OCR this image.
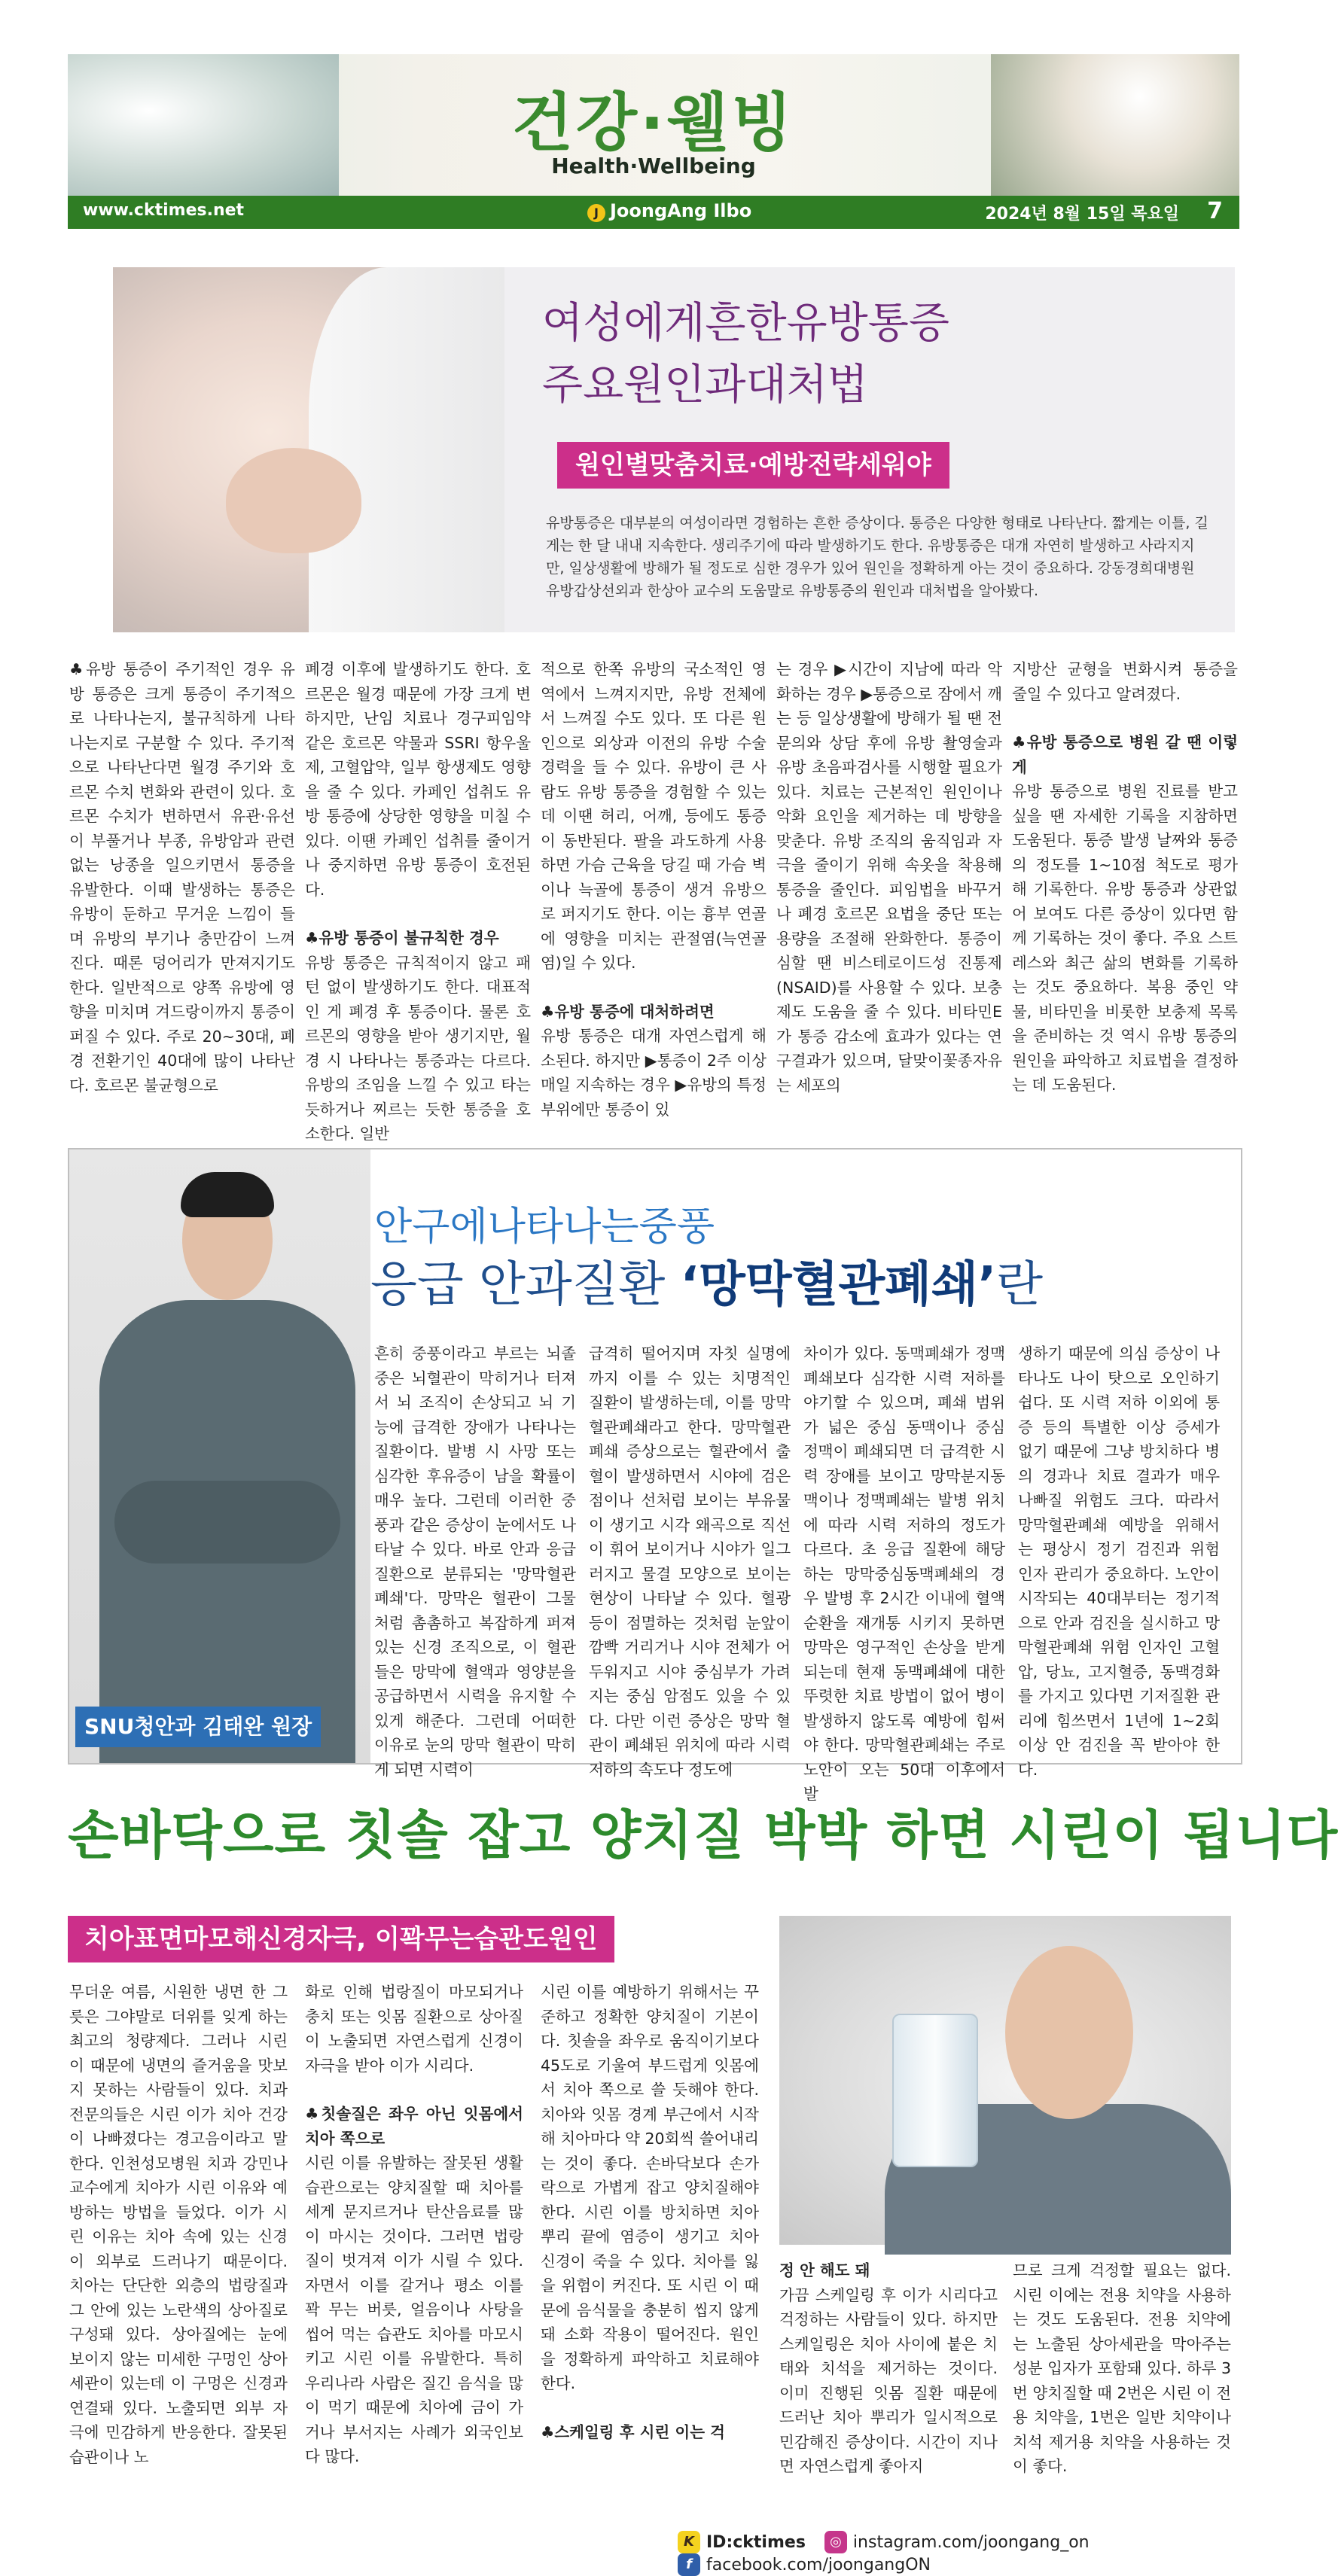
건강·웰빙
Health·Wellbeing
www.cktimes.net	J JoongAng Ilbo	2024년 8월 15일 목요일 7
여성에게흔한유방통증
주요원인과대처법
원인별맞춤치료·예방전략세워야
유방통증은 대부분의 여성이라면 경험하는 흔한 증상이다. 통증은 다양한 형태로 나타난다. 짧게는 이틀, 길게는 한 달 내내 지속한다. 생리주기에 따라 발생하기도 한다. 유방통증은 대개 자연히 발생하고 사라지지만, 일상생활에 방해가 될 정도로 심한 경우가 있어 원인을 정확하게 아는 것이 중요하다. 강동경희대병원 유방갑상선외과 한상아 교수의 도움말로 유방통증의 원인과 대처법을 알아봤다.

♣유방 통증이 주기적인 경우 유방 통증은 크게 통증이 주기적으로 나타나는지, 불규칙하게 나타나는지로 구분할 수 있다. 주기적으로 나타난다면 월경 주기와 호르몬 수치 변화와 관련이 있다. 호르몬 수치가 변하면서 유관·유선이 부풀거나 부종, 유방암과 관련 없는 낭종을 일으키면서 통증을 유발한다. 이때 발생하는 통증은 유방이 둔하고 무거운 느낌이 들며 유방의 부기나 충만감이 느껴진다. 때론 덩어리가 만져지기도 한다. 일반적으로 양쪽 유방에 영향을 미치며 겨드랑이까지 통증이 퍼질 수 있다. 주로 20~30대, 폐경 전환기인 40대에 많이 나타난다. 호르몬 불균형으로

폐경 이후에 발생하기도 한다. 호르몬은 월경 때문에 가장 크게 변하지만, 난임 치료나 경구피임약 같은 호르몬 약물과 SSRI 항우울제, 고혈압약, 일부 항생제도 영향을 줄 수 있다. 카페인 섭취도 유방 통증에 상당한 영향을 미칠 수 있다. 이땐 카페인 섭취를 줄이거나 중지하면 유방 통증이 호전된다.

♣유방 통증이 불규칙한 경우

유방 통증은 규칙적이지 않고 패턴 없이 발생하기도 한다. 대표적인 게 폐경 후 통증이다. 물론 호르몬의 영향을 받아 생기지만, 월경 시 나타나는 통증과는 다르다. 유방의 조임을 느낄 수 있고 타는 듯하거나 찌르는 듯한 통증을 호소한다. 일반

적으로 한쪽 유방의 국소적인 영역에서 느껴지지만, 유방 전체에서 느껴질 수도 있다. 또 다른 원인으로 외상과 이전의 유방 수술 경력을 들 수 있다. 유방이 큰 사람도 유방 통증을 경험할 수 있는데 이땐 허리, 어깨, 등에도 통증이 동반된다. 팔을 과도하게 사용하면 가슴 근육을 당길 때 가슴 벽이나 늑골에 통증이 생겨 유방으로 퍼지기도 한다. 이는 흉부 연골에 영향을 미치는 관절염(늑연골염)일 수 있다.

♣유방 통증에 대처하려면

유방 통증은 대개 자연스럽게 해소된다. 하지만 ▶통증이 2주 이상 매일 지속하는 경우 ▶유방의 특정 부위에만 통증이 있

는 경우 ▶시간이 지남에 따라 악화하는 경우 ▶통증으로 잠에서 깨는 등 일상생활에 방해가 될 땐 전문의와 상담 후에 유방 촬영술과 유방 초음파검사를 시행할 필요가 있다. 치료는 근본적인 원인이나 악화 요인을 제거하는 데 방향을 맞춘다. 유방 조직의 움직임과 자극을 줄이기 위해 속옷을 착용해 통증을 줄인다. 피임법을 바꾸거나 폐경 호르몬 요법을 중단 또는 용량을 조절해 완화한다. 통증이 심할 땐 비스테로이드성 진통제(NSAID)를 사용할 수 있다. 보충제도 도움을 줄 수 있다. 비타민E가 통증 감소에 효과가 있다는 연구결과가 있으며, 달맞이꽃종자유는 세포의

지방산 균형을 변화시켜 통증을 줄일 수 있다고 알려졌다.

♣유방 통증으로 병원 갈 땐 이렇게

유방 통증으로 병원 진료를 받고 싶을 땐 자세한 기록을 지참하면 도움된다. 통증 발생 날짜와 통증의 정도를 1~10점 척도로 평가해 기록한다. 유방 통증과 상관없어 보여도 다른 증상이 있다면 함께 기록하는 것이 좋다. 주요 스트레스와 최근 삶의 변화를 기록하는 것도 중요하다. 복용 중인 약물, 비타민을 비롯한 보충제 목록을 준비하는 것 역시 유방 통증의 원인을 파악하고 치료법을 결정하는 데 도움된다.

SNU청안과 김태완 원장
안구에나타나는중풍
응급 안과질환 ‘망막혈관폐쇄’란

흔히 중풍이라고 부르는 뇌졸중은 뇌혈관이 막히거나 터져서 뇌 조직이 손상되고 뇌 기능에 급격한 장애가 나타나는 질환이다. 발병 시 사망 또는 심각한 후유증이 남을 확률이 매우 높다. 그런데 이러한 중풍과 같은 증상이 눈에서도 나타날 수 있다. 바로 안과 응급 질환으로 분류되는 '망막혈관폐쇄'다. 망막은 혈관이 그물처럼 촘촘하고 복잡하게 퍼져있는 신경 조직으로, 이 혈관들은 망막에 혈액과 영양분을 공급하면서 시력을 유지할 수 있게 해준다. 그런데 어떠한 이유로 눈의 망막 혈관이 막히게 되면 시력이

급격히 떨어지며 자칫 실명에까지 이를 수 있는 치명적인 질환이 발생하는데, 이를 망막혈관폐쇄라고 한다. 망막혈관폐쇄 증상으로는 혈관에서 출혈이 발생하면서 시야에 검은 점이나 선처럼 보이는 부유물이 생기고 시각 왜곡으로 직선이 휘어 보이거나 시야가 일그러지고 물결 모양으로 보이는 현상이 나타날 수 있다. 혈광등이 점멸하는 것처럼 눈앞이 깜빡 거리거나 시야 전체가 어두워지고 시야 중심부가 가려지는 중심 암점도 있을 수 있다. 다만 이런 증상은 망막 혈관이 폐쇄된 위치에 따라 시력 저하의 속도나 정도에

차이가 있다. 동맥폐쇄가 정맥폐쇄보다 심각한 시력 저하를 야기할 수 있으며, 폐쇄 범위가 넓은 중심 동맥이나 중심 정맥이 폐쇄되면 더 급격한 시력 장애를 보이고 망막분지동맥이나 정맥폐쇄는 발병 위치에 따라 시력 저하의 정도가 다르다. 초 응급 질환에 해당하는 망막중심동맥폐쇄의 경우 발병 후 2시간 이내에 혈액 순환을 재개통 시키지 못하면 망막은 영구적인 손상을 받게 되는데 현재 동맥폐쇄에 대한 뚜렷한 치료 방법이 없어 병이 발생하지 않도록 예방에 힘써야 한다. 망막혈관폐쇄는 주로 노안이 오는 50대 이후에서 발

생하기 때문에 의심 증상이 나타나도 나이 탓으로 오인하기 쉽다. 또 시력 저하 이외에 통증 등의 특별한 이상 증세가 없기 때문에 그냥 방치하다 병의 경과나 치료 결과가 매우 나빠질 위험도 크다. 따라서 망막혈관폐쇄 예방을 위해서는 평상시 정기 검진과 위험 인자 관리가 중요하다. 노안이 시작되는 40대부터는 정기적으로 안과 검진을 실시하고 망막혈관폐쇄 위험 인자인 고혈압, 당뇨, 고지혈증, 동맥경화를 가지고 있다면 기저질환 관리에 힘쓰면서 1년에 1~2회 이상 안 검진을 꼭 받아야 한다.

손바닥으로 칫솔 잡고 양치질 박박 하면 시린이 됩니다
치아표면마모해신경자극, 이꽉무는습관도원인

무더운 여름, 시원한 냉면 한 그릇은 그야말로 더위를 잊게 하는 최고의 청량제다. 그러나 시린 이 때문에 냉면의 즐거움을 맛보지 못하는 사람들이 있다. 치과 전문의들은 시린 이가 치아 건강이 나빠졌다는 경고음이라고 말한다. 인천성모병원 치과 강민나 교수에게 치아가 시린 이유와 예방하는 방법을 들었다. 이가 시린 이유는 치아 속에 있는 신경이 외부로 드러나기 때문이다. 치아는 단단한 외층의 법랑질과 그 안에 있는 노란색의 상아질로 구성돼 있다. 상아질에는 눈에 보이지 않는 미세한 구멍인 상아세관이 있는데 이 구멍은 신경과 연결돼 있다. 노출되면 외부 자극에 민감하게 반응한다. 잘못된 습관이나 노

화로 인해 법랑질이 마모되거나 충치 또는 잇몸 질환으로 상아질이 노출되면 자연스럽게 신경이 자극을 받아 이가 시리다.

♣칫솔질은 좌우 아닌 잇몸에서 치아 쪽으로

시린 이를 유발하는 잘못된 생활습관으로는 양치질할 때 치아를 세게 문지르거나 탄산음료를 많이 마시는 것이다. 그러면 법랑질이 벗겨져 이가 시릴 수 있다. 자면서 이를 갈거나 평소 이를 꽉 무는 버릇, 얼음이나 사탕을 씹어 먹는 습관도 치아를 마모시키고 시린 이를 유발한다. 특히 우리나라 사람은 질긴 음식을 많이 먹기 때문에 치아에 금이 가거나 부서지는 사례가 외국인보다 많다.

시린 이를 예방하기 위해서는 꾸준하고 정확한 양치질이 기본이다. 칫솔을 좌우로 움직이기보다 45도로 기울여 부드럽게 잇몸에서 치아 쪽으로 쓸 듯해야 한다. 치아와 잇몸 경계 부근에서 시작해 치아마다 약 20회씩 쓸어내리는 것이 좋다. 손바닥보다 손가락으로 가볍게 잡고 양치질해야 한다. 시린 이를 방치하면 치아 뿌리 끝에 염증이 생기고 치아 신경이 죽을 수 있다. 치아를 잃을 위험이 커진다. 또 시린 이 때문에 음식물을 충분히 씹지 않게 돼 소화 작용이 떨어진다. 원인을 정확하게 파악하고 치료해야 한다.

♣스케일링 후 시린 이는 걱

정 안 해도 돼

가끔 스케일링 후 이가 시리다고 걱정하는 사람들이 있다. 하지만 스케일링은 치아 사이에 붙은 치태와 치석을 제거하는 것이다. 이미 진행된 잇몸 질환 때문에 드러난 치아 뿌리가 일시적으로 민감해진 증상이다. 시간이 지나면 자연스럽게 좋아지

므로 크게 걱정할 필요는 없다. 시린 이에는 전용 치약을 사용하는 것도 도움된다. 전용 치약에는 노출된 상아세관을 막아주는 성분 입자가 포함돼 있다. 하루 3번 양치질할 때 2번은 시린 이 전용 치약을, 1번은 일반 치약이나 치석 제거용 치약을 사용하는 것이 좋다.

K ID:cktimes
	◎ instagram.com/joongang_on

f facebook.com/joongangON
